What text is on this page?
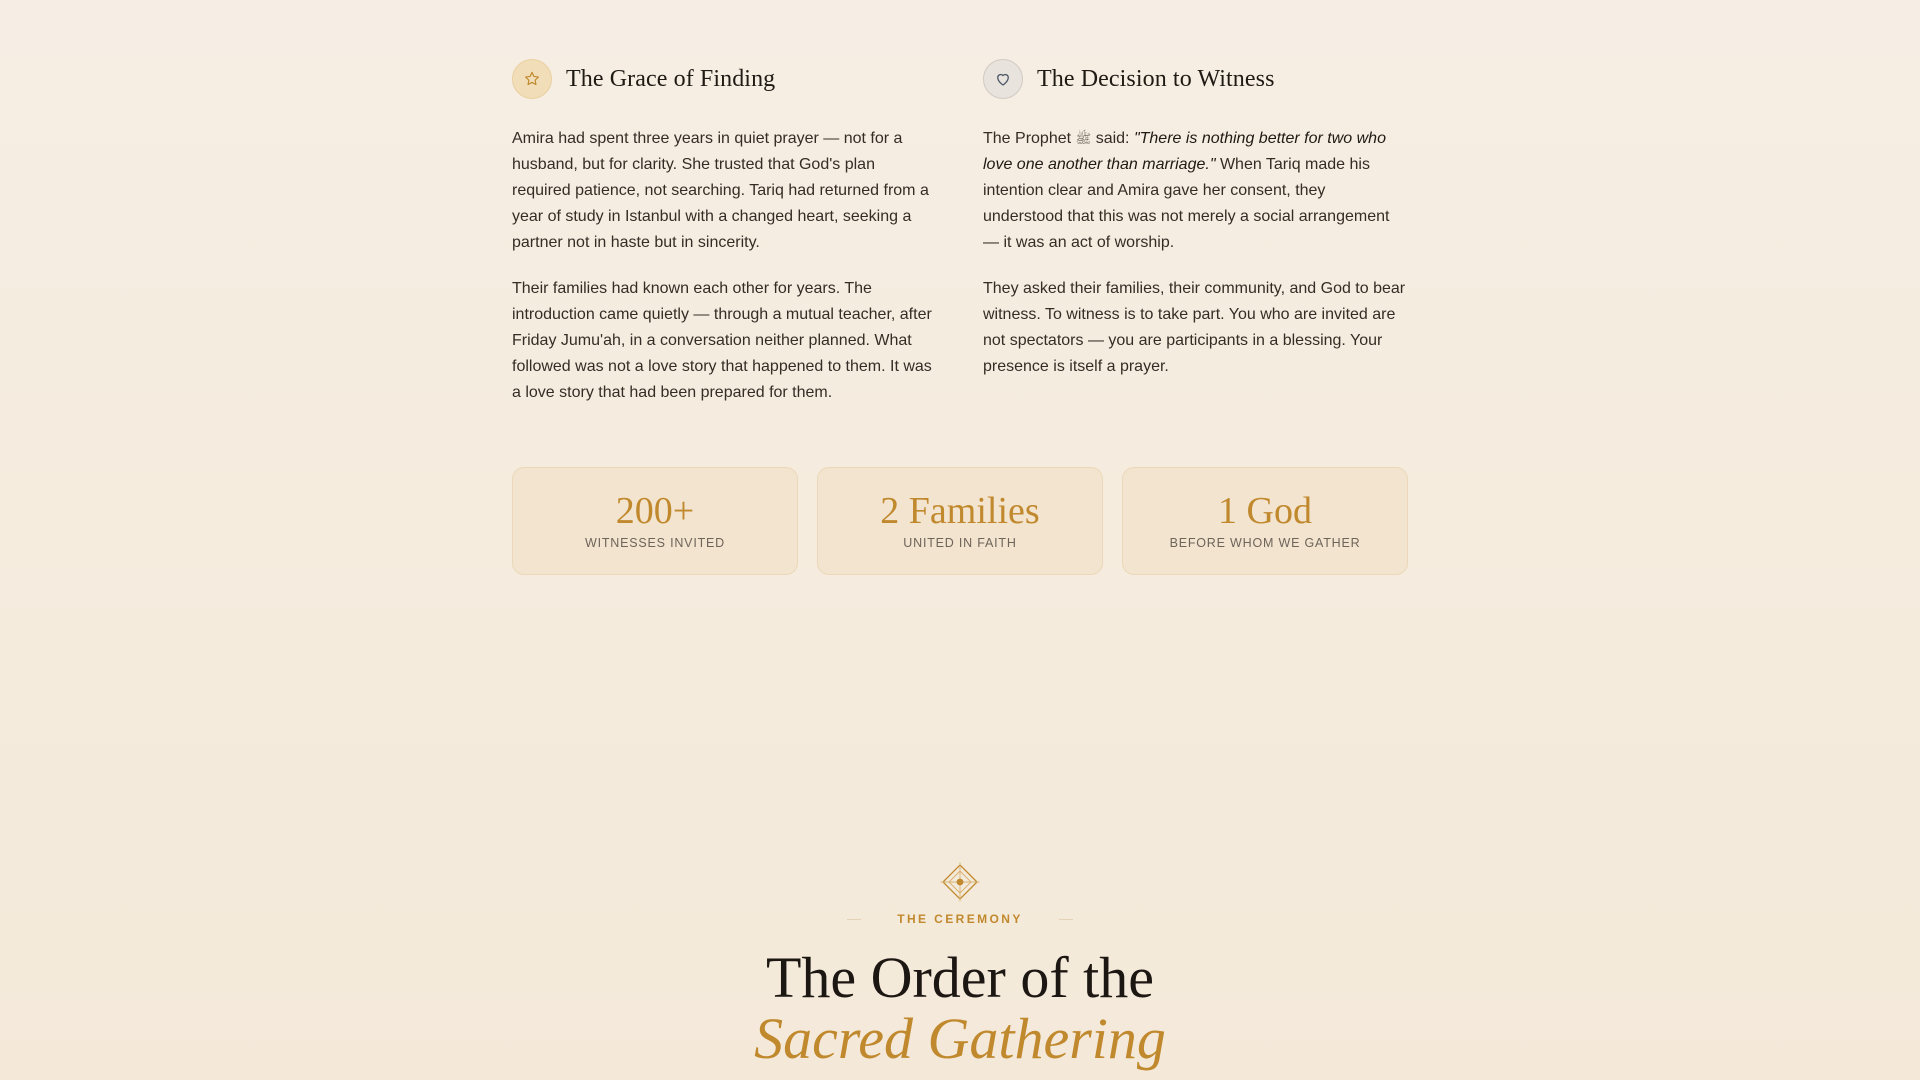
The Grace of Finding

Amira had spent three years in quiet prayer — not for a husband, but for clarity. She trusted that God's plan required patience, not searching. Tariq had returned from a year of study in Istanbul with a changed heart, seeking a partner not in haste but in sincerity.

Their families had known each other for years. The introduction came quietly — through a mutual teacher, after Friday Jumu'ah, in a conversation neither planned. What followed was not a love story that happened to them. It was a love story that had been prepared for them.

The Decision to Witness

The Prophet ﷺ said: "There is nothing better for two who love one another than marriage." When Tariq made his intention clear and Amira gave her consent, they understood that this was not merely a social arrangement — it was an act of worship.

They asked their families, their community, and God to bear witness. To witness is to take part. You who are invited are not spectators — you are participants in a blessing. Your presence is itself a prayer.

200+
WITNESSES INVITED
2 Families
UNITED IN FAITH
1 God
BEFORE WHOM WE GATHER
THE CEREMONY
The Order of the
Sacred Gathering
